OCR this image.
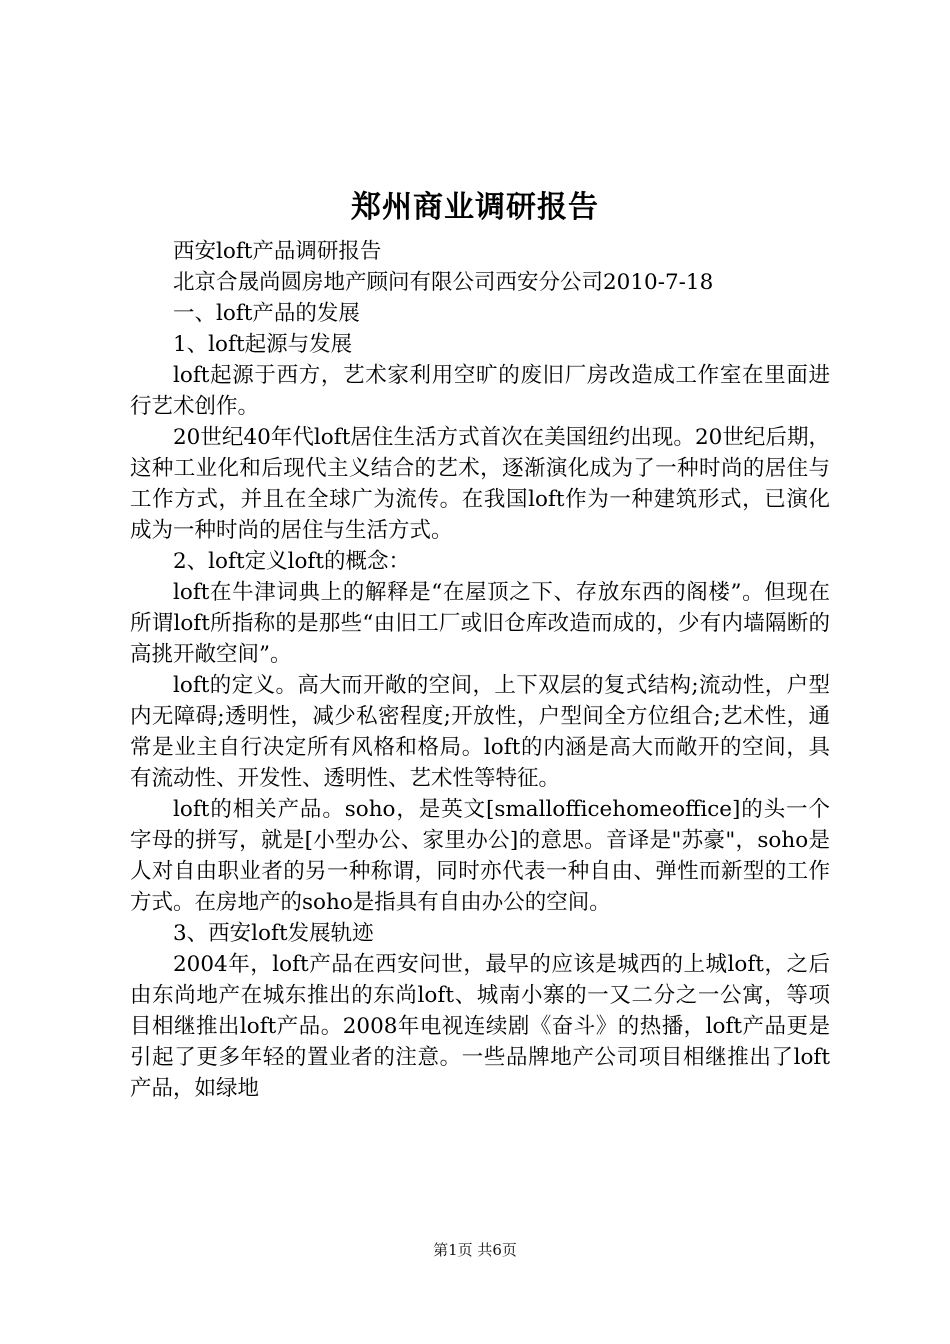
郑州商业调研报告

西安loft产品调研报告

北京合晟尚圆房地产顾问有限公司西安分公司2010-7-18

一、loft产品的发展

1、loft起源与发展

loft起源于西方，艺术家利用空旷的废旧厂房改造成工作室在里面进行艺术创作。

20世纪40年代loft居住生活方式首次在美国纽约出现。20世纪后期，这种工业化和后现代主义结合的艺术，逐渐演化成为了一种时尚的居住与工作方式，并且在全球广为流传。在我国loft作为一种建筑形式，已演化成为一种时尚的居住与生活方式。

2、loft定义loft的概念：

loft在牛津词典上的解释是“在屋顶之下、存放东西的阁楼”。但现在所谓loft所指称的是那些“由旧工厂或旧仓库改造而成的，少有内墙隔断的高挑开敞空间”。

loft的定义。高大而开敞的空间，上下双层的复式结构;流动性，户型内无障碍;透明性，减少私密程度;开放性，户型间全方位组合;艺术性，通常是业主自行决定所有风格和格局。loft的内涵是高大而敞开的空间，具有流动性、开发性、透明性、艺术性等特征。

loft的相关产品。soho，是英文[smallofficehomeoffice]的头一个字母的拼写，就是[小型办公、家里办公]的意思。音译是"苏豪"，soho是人对自由职业者的另一种称谓，同时亦代表一种自由、弹性而新型的工作方式。在房地产的soho是指具有自由办公的空间。

3、西安loft发展轨迹

2004年，loft产品在西安问世，最早的应该是城西的上城loft，之后由东尚地产在城东推出的东尚loft、城南小寨的一又二分之一公寓，等项目相继推出loft产品。2008年电视连续剧《奋斗》的热播，loft产品更是引起了更多年轻的置业者的注意。一些品牌地产公司项目相继推出了loft产品，如绿地

第1页 共6页
